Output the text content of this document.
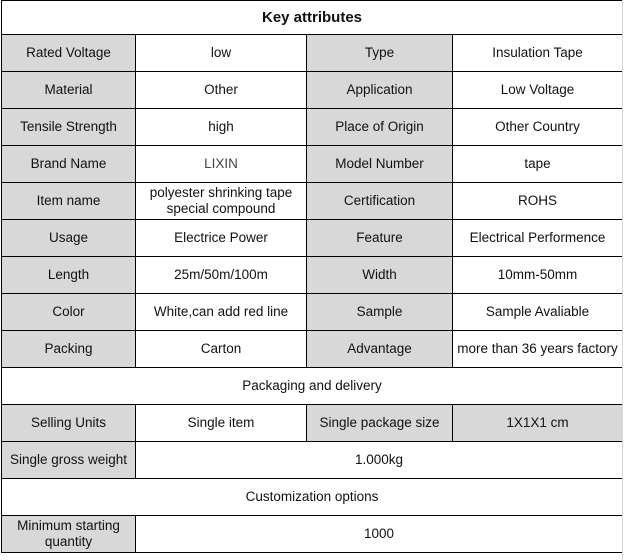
Key attributes			
Rated Voltage	low	Type	Insulation Tape
Material	Other	Application	Low Voltage
Tensile Strength	high	Place of Origin	Other Country
Brand Name	LIXIN	Model Number	tape
Item name	polyester shrinking tape special compound	Certification	ROHS
Usage	Electrice Power	Feature	Electrical Performence
Length	25m/50m/100m	Width	10mm-50mm
Color	White,can add red line	Sample	Sample Avaliable
Packing	Carton	Advantage	more than 36 years factory
Packaging and delivery			
Selling Units	Single item	Single package size	1X1X1 cm
Single gross weight	1.000kg		
Customization options			
Minimum starting quantity	1000		
